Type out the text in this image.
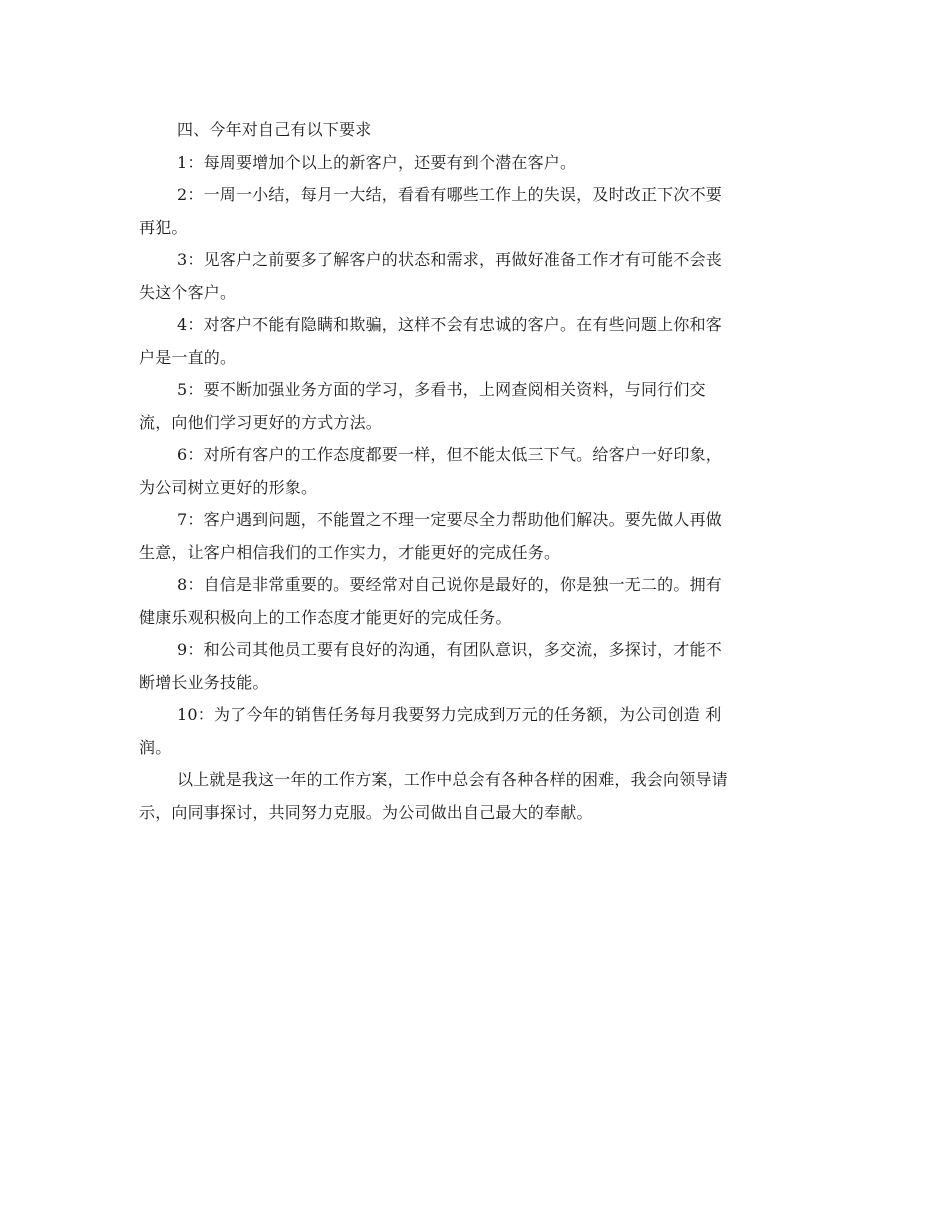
四、今年对自己有以下要求

1：每周要增加个以上的新客户，还要有到个潜在客户。
2：一周一小结，每月一大结，看看有哪些工作上的失误，及时改正下次不要
再犯。
3：见客户之前要多了解客户的状态和需求，再做好准备工作才有可能不会丧
失这个客户。
4：对客户不能有隐瞒和欺骗，这样不会有忠诚的客户。在有些问题上你和客
户是一直的。
5：要不断加强业务方面的学习，多看书，上网查阅相关资料，与同行们交
流，向他们学习更好的方式方法。
6：对所有客户的工作态度都要一样，但不能太低三下气。给客户一好印象，
为公司树立更好的形象。
7：客户遇到问题，不能置之不理一定要尽全力帮助他们解决。要先做人再做
生意，让客户相信我们的工作实力，才能更好的完成任务。
8：自信是非常重要的。要经常对自己说你是最好的，你是独一无二的。拥有
健康乐观积极向上的工作态度才能更好的完成任务。
9：和公司其他员工要有良好的沟通，有团队意识，多交流，多探讨，才能不
断增长业务技能。
10：为了今年的销售任务每月我要努力完成到万元的任务额，为公司创造 利
润。
以上就是我这一年的工作方案，工作中总会有各种各样的困难，我会向领导请
示，向同事探讨，共同努力克服。为公司做出自己最大的奉献。
